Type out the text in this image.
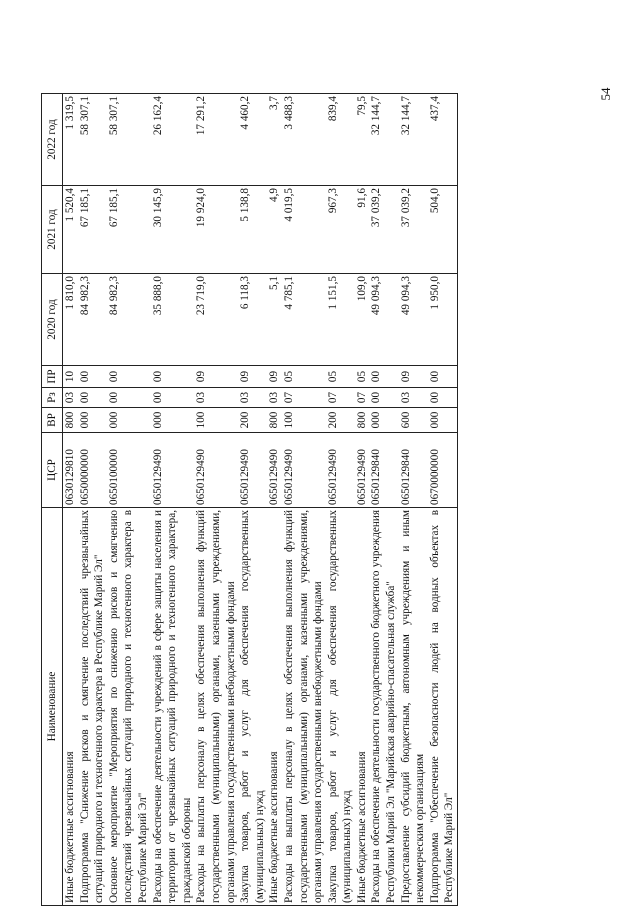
54
Наименование	ЦСР	ВР	Рз	ПР	2020 год	2021 год	2022 год
Иные бюджетные ассигнования	0630129810	800	03	10	1 810,0	1 520,4	1 319,5
Подпрограмма "Снижение рисков и смягчение последствий чрезвычайных ситуаций природного и техногенного характера в Республике Марий Эл"	0650000000	000	00	00	84 982,3	67 185,1	58 307,1
Основное мероприятие "Мероприятия по снижению рисков и смягчению последствий чрезвычайных ситуаций природного и техногенного характера в Республике Марий Эл"	0650100000	000	00	00	84 982,3	67 185,1	58 307,1
Расходы на обеспечение деятельности учреждений в сфере защиты населения и территории от чрезвычайных ситуаций природного и техногенного характера, гражданской обороны	0650129490	000	00	00	35 888,0	30 145,9	26 162,4
Расходы на выплаты персоналу в целях обеспечения выполнения функций государственными (муниципальными) органами, казенными учреждениями, органами управления государственными внебюджетными фондами	0650129490	100	03	09	23 719,0	19 924,0	17 291,2
Закупка товаров, работ и услуг для обеспечения государственных (муниципальных) нужд	0650129490	200	03	09	6 118,3	5 138,8	4 460,2
Иные бюджетные ассигнования	0650129490	800	03	09	5,1	4,9	3,7
Расходы на выплаты персоналу в целях обеспечения выполнения функций государственными (муниципальными) органами, казенными учреждениями, органами управления государственными внебюджетными фондами	0650129490	100	07	05	4 785,1	4 019,5	3 488,3
Закупка товаров, работ и услуг для обеспечения государственных (муниципальных) нужд	0650129490	200	07	05	1 151,5	967,3	839,4
Иные бюджетные ассигнования	0650129490	800	07	05	109,0	91,6	79,5
Расходы на обеспечение деятельности государственного бюджетного учреждения Республики Марий Эл "Марийская аварийно-спасательная служба"	0650129840	000	00	00	49 094,3	37 039,2	32 144,7
Предоставление субсидий бюджетным, автономным учреждениям и иным некоммерческим организациям	0650129840	600	03	09	49 094,3	37 039,2	32 144,7
Подпрограмма "Обеспечение безопасности людей на водных объектах в Республике Марий Эл"	0670000000	000	00	00	1 950,0	504,0	437,4
